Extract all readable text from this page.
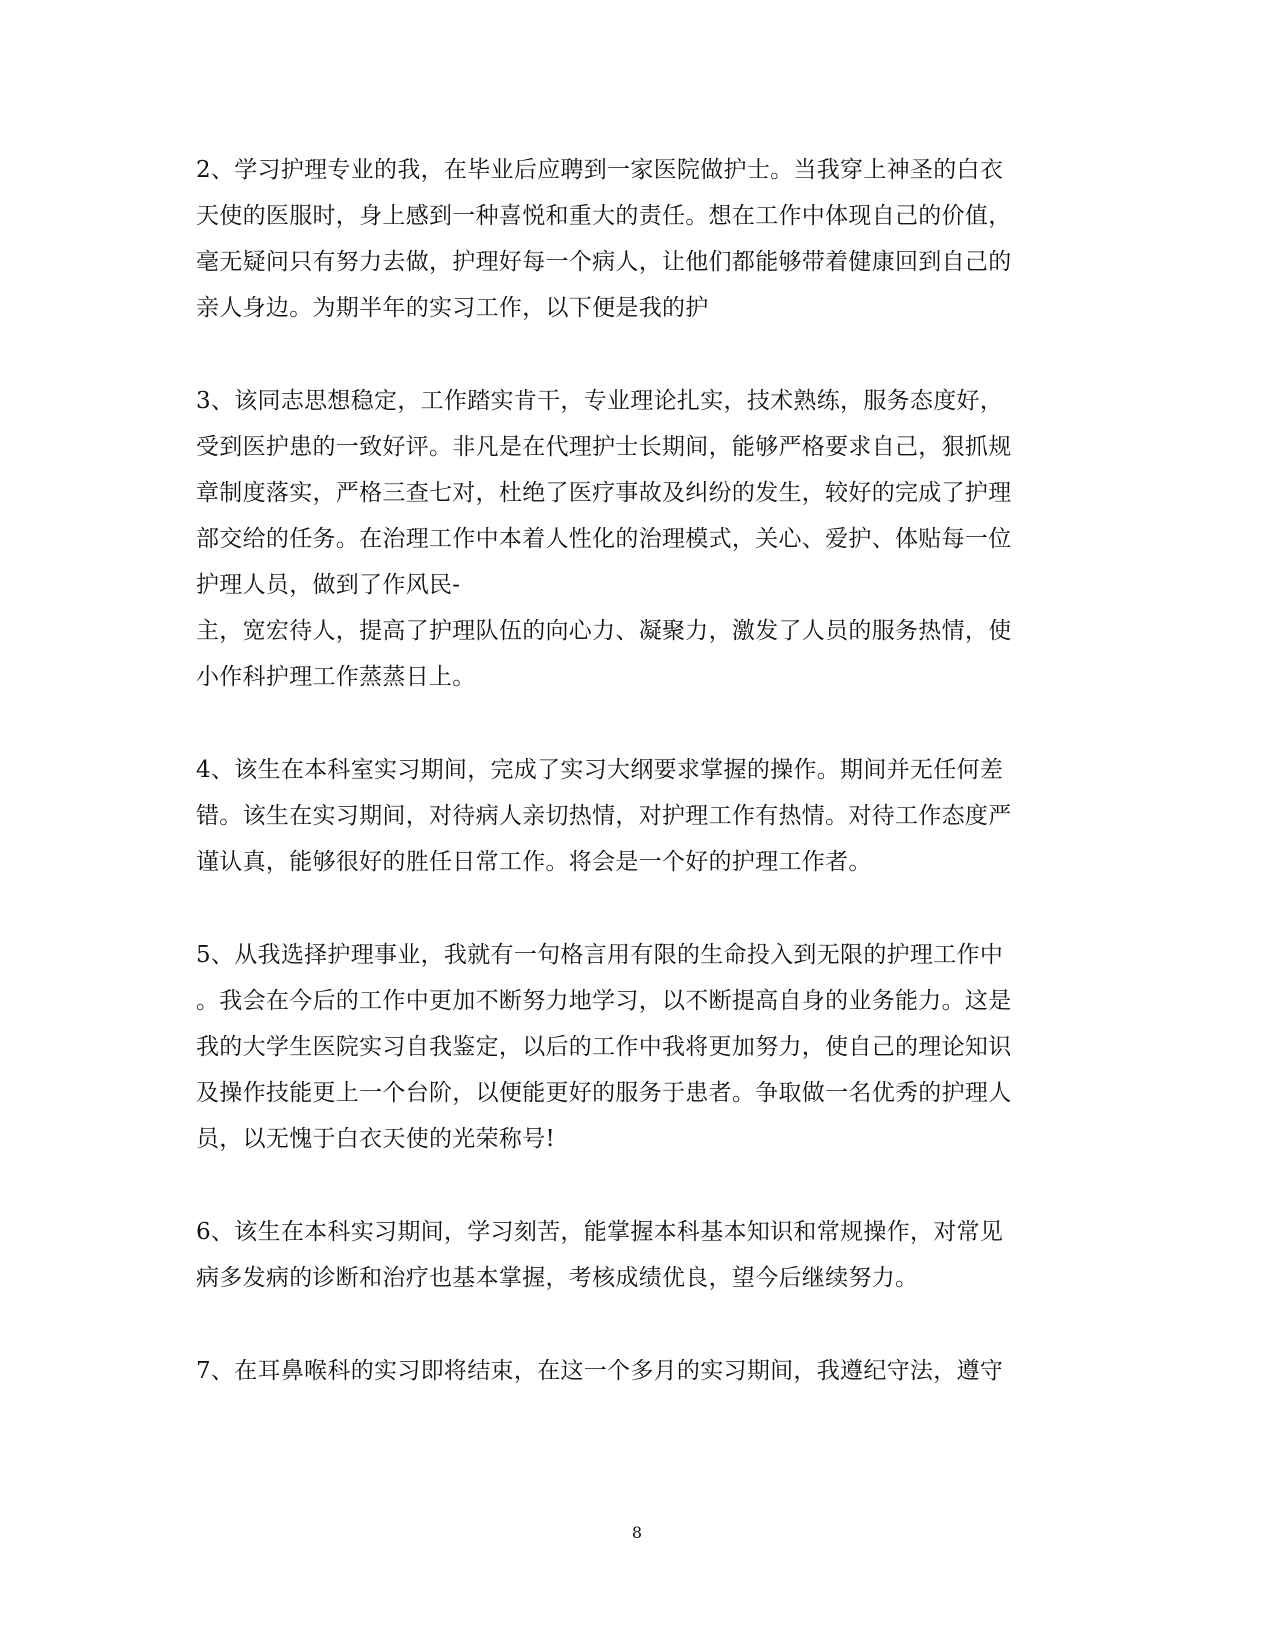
2、学习护理专业的我，在毕业后应聘到一家医院做护士。当我穿上神圣的白衣
天使的医服时，身上感到一种喜悦和重大的责任。想在工作中体现自己的价值，
毫无疑问只有努力去做，护理好每一个病人，让他们都能够带着健康回到自己的
亲人身边。为期半年的实习工作，以下便是我的护
3、该同志思想稳定，工作踏实肯干，专业理论扎实，技术熟练，服务态度好，
受到医护患的一致好评。非凡是在代理护士长期间，能够严格要求自己，狠抓规
章制度落实，严格三查七对，杜绝了医疗事故及纠纷的发生，较好的完成了护理
部交给的任务。在治理工作中本着人性化的治理模式，关心、爱护、体贴每一位
护理人员，做到了作风民-
主，宽宏待人，提高了护理队伍的向心力、凝聚力，激发了人员的服务热情，使
小作科护理工作蒸蒸日上。
4、该生在本科室实习期间，完成了实习大纲要求掌握的操作。期间并无任何差
错。该生在实习期间，对待病人亲切热情，对护理工作有热情。对待工作态度严
谨认真，能够很好的胜任日常工作。将会是一个好的护理工作者。
5、从我选择护理事业，我就有一句格言用有限的生命投入到无限的护理工作中
。我会在今后的工作中更加不断努力地学习，以不断提高自身的业务能力。这是
我的大学生医院实习自我鉴定，以后的工作中我将更加努力，使自己的理论知识
及操作技能更上一个台阶，以便能更好的服务于患者。争取做一名优秀的护理人
员，以无愧于白衣天使的光荣称号!
6、该生在本科实习期间，学习刻苦，能掌握本科基本知识和常规操作，对常见
病多发病的诊断和治疗也基本掌握，考核成绩优良，望今后继续努力。
7、在耳鼻喉科的实习即将结束，在这一个多月的实习期间，我遵纪守法，遵守
8
